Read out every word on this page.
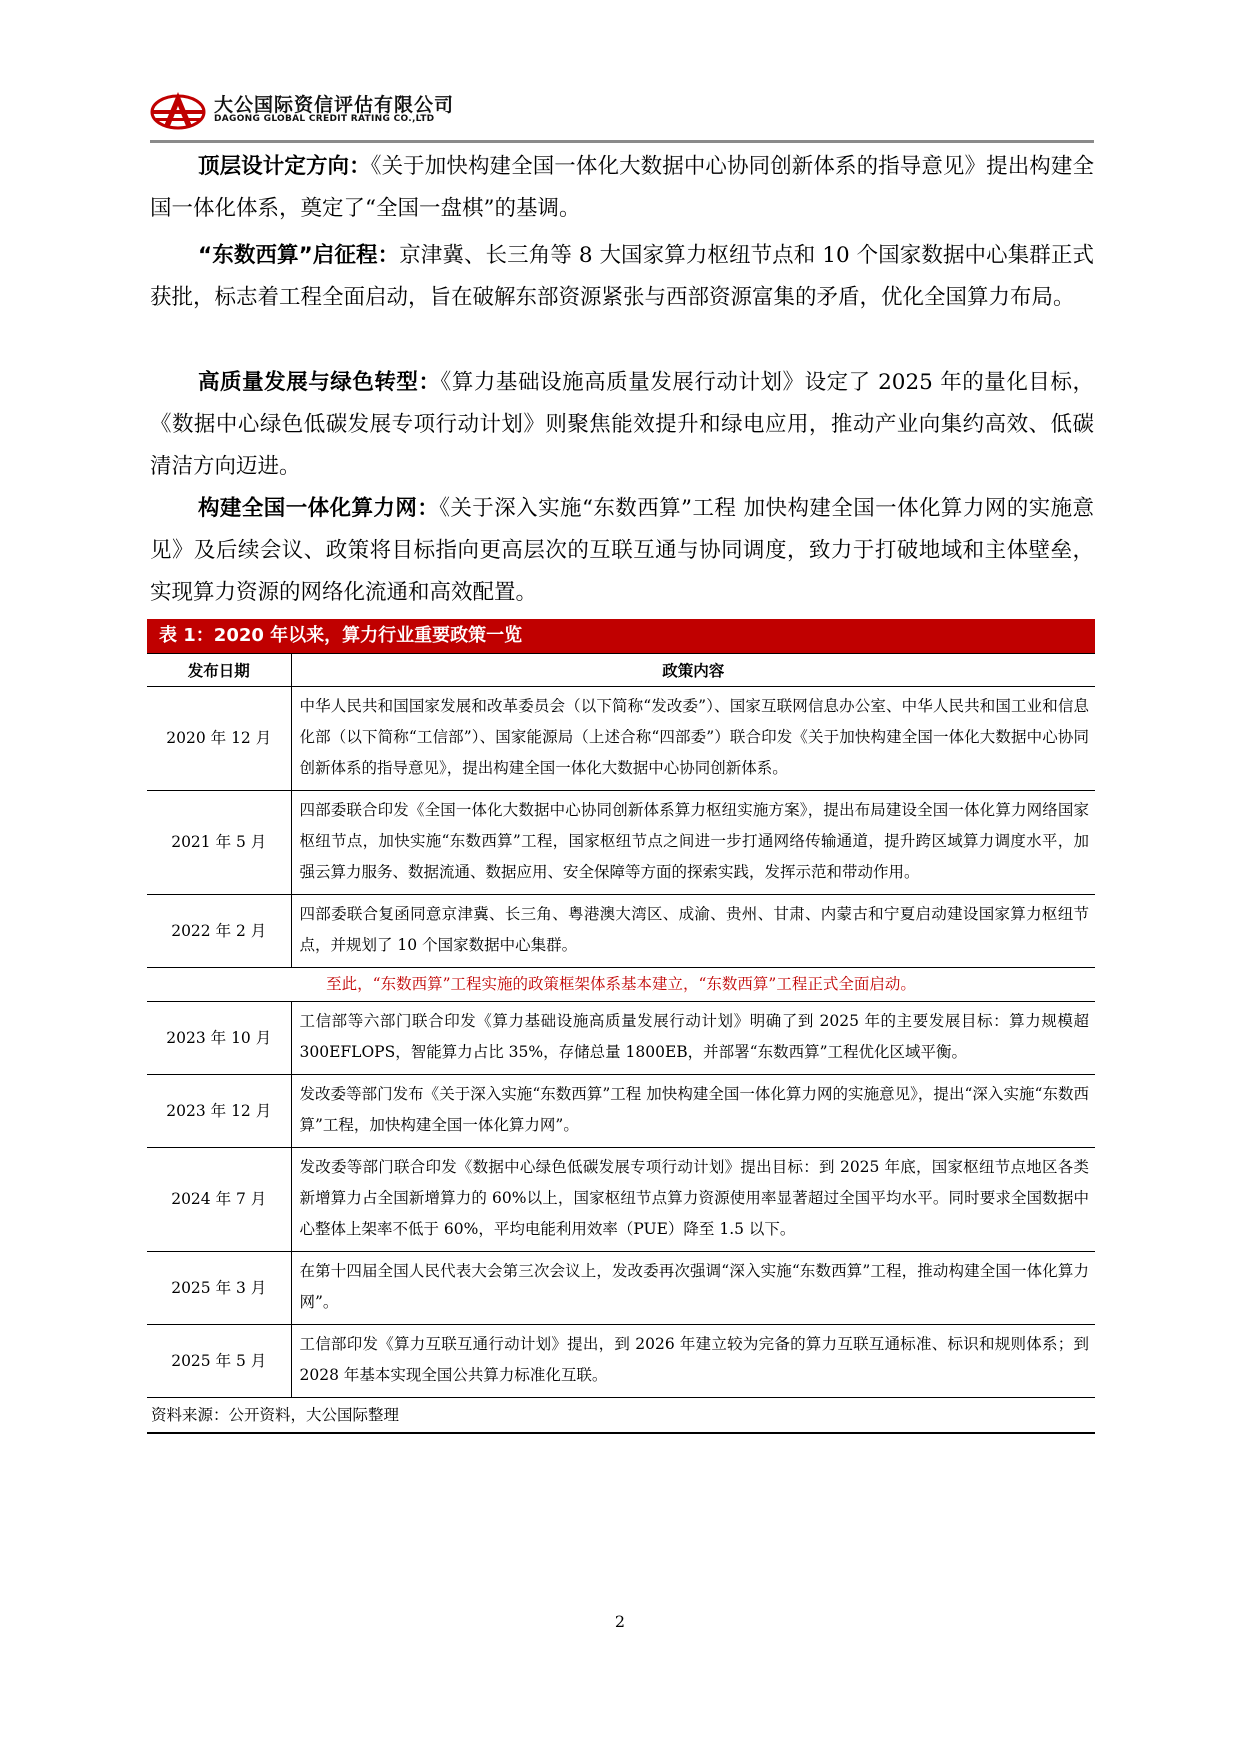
大公国际资信评估有限公司
DAGONG GLOBAL CREDIT RATING CO.,LTD

顶层设计定方向：《关于加快构建全国一体化大数据中心协同创新体系的指导意见》提出构建全国一体化体系，奠定了“全国一盘棋”的基调。

“东数西算”启征程：京津冀、长三角等 8 大国家算力枢纽节点和 10 个国家数据中心集群正式获批，标志着工程全面启动，旨在破解东部资源紧张与西部资源富集的矛盾，优化全国算力布局。

高质量发展与绿色转型：《算力基础设施高质量发展行动计划》设定了 2025 年的量化目标，《数据中心绿色低碳发展专项行动计划》则聚焦能效提升和绿电应用，推动产业向集约高效、低碳清洁方向迈进。

构建全国一体化算力网：《关于深入实施“东数西算”工程 加快构建全国一体化算力网的实施意见》及后续会议、政策将目标指向更高层次的互联互通与协同调度，致力于打破地域和主体壁垒，实现算力资源的网络化流通和高效配置。

表 1：2020 年以来，算力行业重要政策一览
发布日期	政策内容
2020 年 12 月	中华人民共和国国家发展和改革委员会（以下简称“发改委”）、国家互联网信息办公室、中华人民共和国工业和信息化部（以下简称“工信部”）、国家能源局（上述合称“四部委”）联合印发《关于加快构建全国一体化大数据中心协同创新体系的指导意见》，提出构建全国一体化大数据中心协同创新体系。
2021 年 5 月	四部委联合印发《全国一体化大数据中心协同创新体系算力枢纽实施方案》，提出布局建设全国一体化算力网络国家枢纽节点，加快实施“东数西算”工程，国家枢纽节点之间进一步打通网络传输通道，提升跨区域算力调度水平，加强云算力服务、数据流通、数据应用、安全保障等方面的探索实践，发挥示范和带动作用。
2022 年 2 月	四部委联合复函同意京津冀、长三角、粤港澳大湾区、成渝、贵州、甘肃、内蒙古和宁夏启动建设国家算力枢纽节点，并规划了 10 个国家数据中心集群。
至此，“东数西算”工程实施的政策框架体系基本建立，“东数西算”工程正式全面启动。	
2023 年 10 月	工信部等六部门联合印发《算力基础设施高质量发展行动计划》明确了到 2025 年的主要发展目标：算力规模超 300EFLOPS，智能算力占比 35%，存储总量 1800EB，并部署“东数西算”工程优化区域平衡。
2023 年 12 月	发改委等部门发布《关于深入实施“东数西算”工程 加快构建全国一体化算力网的实施意见》，提出“深入实施“东数西算”工程，加快构建全国一体化算力网”。
2024 年 7 月	发改委等部门联合印发《数据中心绿色低碳发展专项行动计划》提出目标：到 2025 年底，国家枢纽节点地区各类新增算力占全国新增算力的 60%以上，国家枢纽节点算力资源使用率显著超过全国平均水平。同时要求全国数据中心整体上架率不低于 60%，平均电能利用效率（PUE）降至 1.5 以下。
2025 年 3 月	在第十四届全国人民代表大会第三次会议上，发改委再次强调“深入实施“东数西算”工程，推动构建全国一体化算力网”。
2025 年 5 月	工信部印发《算力互联互通行动计划》提出，到 2026 年建立较为完备的算力互联互通标准、标识和规则体系；到 2028 年基本实现全国公共算力标准化互联。
资料来源：公开资料，大公国际整理	
2
